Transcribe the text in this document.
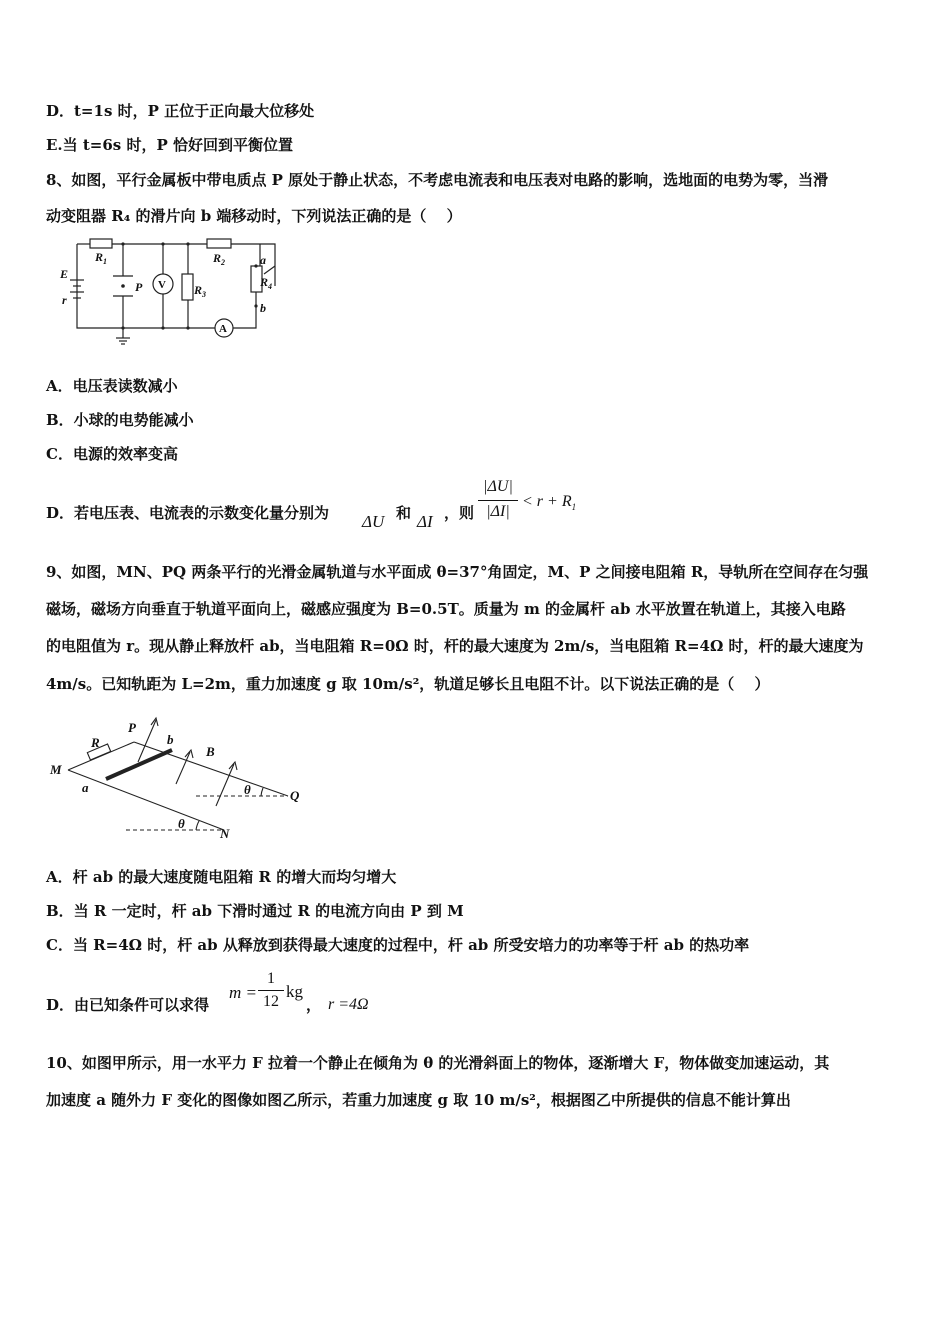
D．t=1s 时，P 正位于正向最大位移处
E.当 t=6s 时，P 恰好回到平衡位置
8、如图，平行金属板中带电质点 P 原处于静止状态，不考虑电流表和电压表对电路的影响，选地面的电势为零，当滑
动变阻器 R₄ 的滑片向 b 端移动时，下列说法正确的是（　 ）
E
r
$R_1$
P V $R_3$
$R_2$	a
$R_4$
b
A
A．电压表读数减小
B．小球的电势能减小
C．电源的效率变高
D．若电压表、电流表的示数变化量分别为 ΔU 和 ΔI ，则 $\frac{|\Delta U|}{|\Delta I|} < r + R_1$
9、如图，MN、PQ 两条平行的光滑金属轨道与水平面成 θ=37°角固定，M、P 之间接电阻箱 R，导轨所在空间存在匀强
磁场，磁场方向垂直于轨道平面向上，磁感应强度为 B=0.5T。质量为 m 的金属杆 ab 水平放置在轨道上，其接入电路
的电阻值为 r。现从静止释放杆 ab，当电阻箱 R=0Ω 时，杆的最大速度为 2m/s，当电阻箱 R=4Ω 时，杆的最大速度为
4m/s。已知轨距为 L=2m，重力加速度 g 取 10m/s²，轨道足够长且电阻不计。以下说法正确的是（　 ）
P
R	b
B
M
a	θ	Q
θ
N
A．杆 ab 的最大速度随电阻箱 R 的增大而均匀增大
B．当 R 一定时，杆 ab 下滑时通过 R 的电流方向由 P 到 M
C．当 R=4Ω 时，杆 ab 从释放到获得最大速度的过程中，杆 ab 所受安培力的功率等于杆 ab 的热功率
D．由已知条件可以求得
$m = \frac{1}{12}$ kg
， r =4Ω
10、如图甲所示，用一水平力 F 拉着一个静止在倾角为 θ 的光滑斜面上的物体，逐渐增大 F，物体做变加速运动，其
加速度 a 随外力 F 变化的图像如图乙所示，若重力加速度 g 取 10 m/s²，根据图乙中所提供的信息不能计算出
